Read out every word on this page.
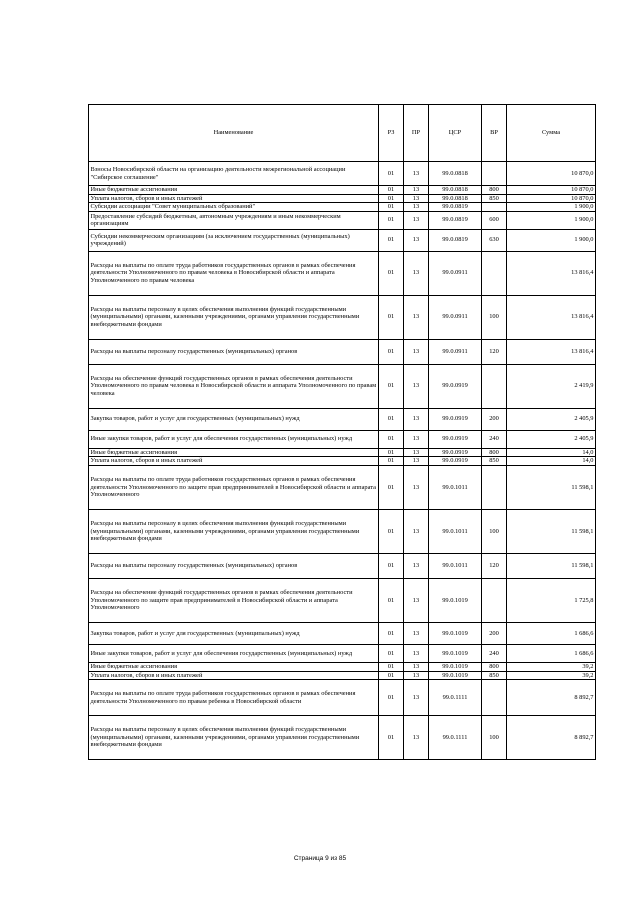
Наименование	РЗ	ПР	ЦСР	ВР	Сумма
Взносы Новосибирской области на организацию деятельности межрегиональной ассоциации "Сибирское соглашение"	01	13	99.0.0818		10 870,0
Иные бюджетные ассигнования	01	13	99.0.0818	800	10 870,0
Уплата налогов, сборов и иных платежей	01	13	99.0.0818	850	10 870,0
Субсидии ассоциации "Совет муниципальных образований"	01	13	99.0.0819		1 900,0
Предоставление субсидий бюджетным, автономным учреждениям и иным некоммерческим организациям	01	13	99.0.0819	600	1 900,0
Субсидии некоммерческим организациям (за исключением государственных (муниципальных) учреждений)	01	13	99.0.0819	630	1 900,0
Расходы на выплаты по оплате труда работников государственных органов в рамках обеспечения деятельности Уполномоченного по правам человека в Новосибирской области и аппарата Уполномоченного по правам человека	01	13	99.0.0911		13 816,4
Расходы на выплаты персоналу в целях обеспечения выполнения функций государственными (муниципальными) органами, казенными учреждениями, органами управления государственными внебюджетными фондами	01	13	99.0.0911	100	13 816,4
Расходы на выплаты персоналу государственных (муниципальных) органов	01	13	99.0.0911	120	13 816,4
Расходы на обеспечение функций государственных органов в рамках обеспечения деятельности Уполномоченного по правам человека в Новосибирской области и аппарата Уполномоченного по правам человека	01	13	99.0.0919		2 419,9
Закупка товаров, работ и услуг для государственных (муниципальных) нужд	01	13	99.0.0919	200	2 405,9
Иные закупки товаров, работ и услуг для обеспечения государственных (муниципальных) нужд	01	13	99.0.0919	240	2 405,9
Иные бюджетные ассигнования	01	13	99.0.0919	800	14,0
Уплата налогов, сборов и иных платежей	01	13	99.0.0919	850	14,0
Расходы на выплаты по оплате труда работников государственных органов в рамках обеспечения деятельности Уполномоченного по защите прав предпринимателей в Новосибирской области и аппарата Уполномоченного	01	13	99.0.1011		11 598,1
Расходы на выплаты персоналу в целях обеспечения выполнения функций государственными (муниципальными) органами, казенными учреждениями, органами управления государственными внебюджетными фондами	01	13	99.0.1011	100	11 598,1
Расходы на выплаты персоналу государственных (муниципальных) органов	01	13	99.0.1011	120	11 598,1
Расходы на обеспечение функций государственных органов в рамках обеспечения деятельности Уполномоченного по защите прав предпринимателей в Новосибирской области и аппарата Уполномоченного	01	13	99.0.1019		1 725,8
Закупка товаров, работ и услуг для государственных (муниципальных) нужд	01	13	99.0.1019	200	1 686,6
Иные закупки товаров, работ и услуг для обеспечения государственных (муниципальных) нужд	01	13	99.0.1019	240	1 686,6
Иные бюджетные ассигнования	01	13	99.0.1019	800	39,2
Уплата налогов, сборов и иных платежей	01	13	99.0.1019	850	39,2
Расходы на выплаты по оплате труда работников государственных органов в рамках обеспечения деятельности Уполномоченного по правам ребенка в Новосибирской области	01	13	99.0.1111		8 892,7
Расходы на выплаты персоналу в целях обеспечения выполнения функций государственными (муниципальными) органами, казенными учреждениями, органами управления государственными внебюджетными фондами	01	13	99.0.1111	100	8 892,7
Страница 9 из 85
